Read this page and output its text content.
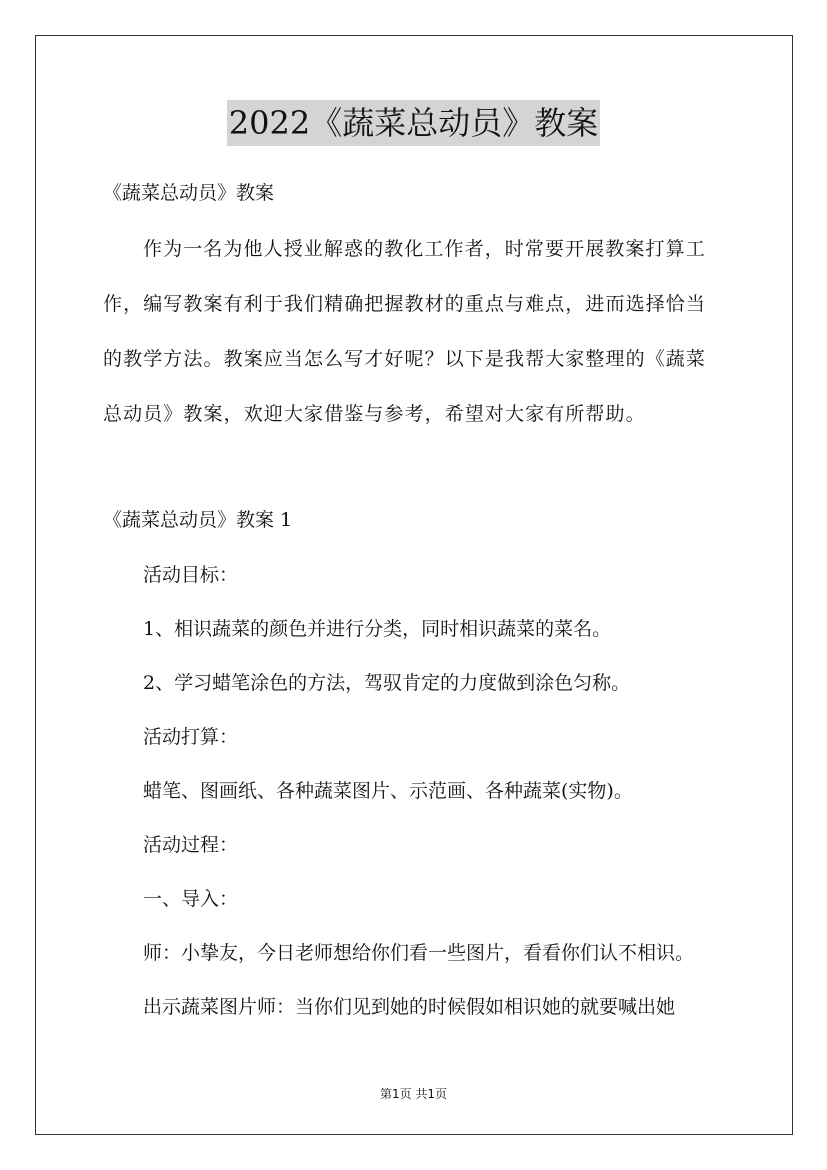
2022《蔬菜总动员》教案
《蔬菜总动员》教案
作为一名为他人授业解惑的教化工作者，时常要开展教案打算工
作，编写教案有利于我们精确把握教材的重点与难点，进而选择恰当
的教学方法。教案应当怎么写才好呢？以下是我帮大家整理的《蔬菜
总动员》教案，欢迎大家借鉴与参考，希望对大家有所帮助。
《蔬菜总动员》教案 1
活动目标：
1、相识蔬菜的颜色并进行分类，同时相识蔬菜的菜名。
2、学习蜡笔涂色的方法，驾驭肯定的力度做到涂色匀称。
活动打算：
蜡笔、图画纸、各种蔬菜图片、示范画、各种蔬菜(实物)。
活动过程：
一、导入：
师：小挚友，今日老师想给你们看一些图片，看看你们认不相识。
出示蔬菜图片师：当你们见到她的时候假如相识她的就要喊出她
第1页 共1页
